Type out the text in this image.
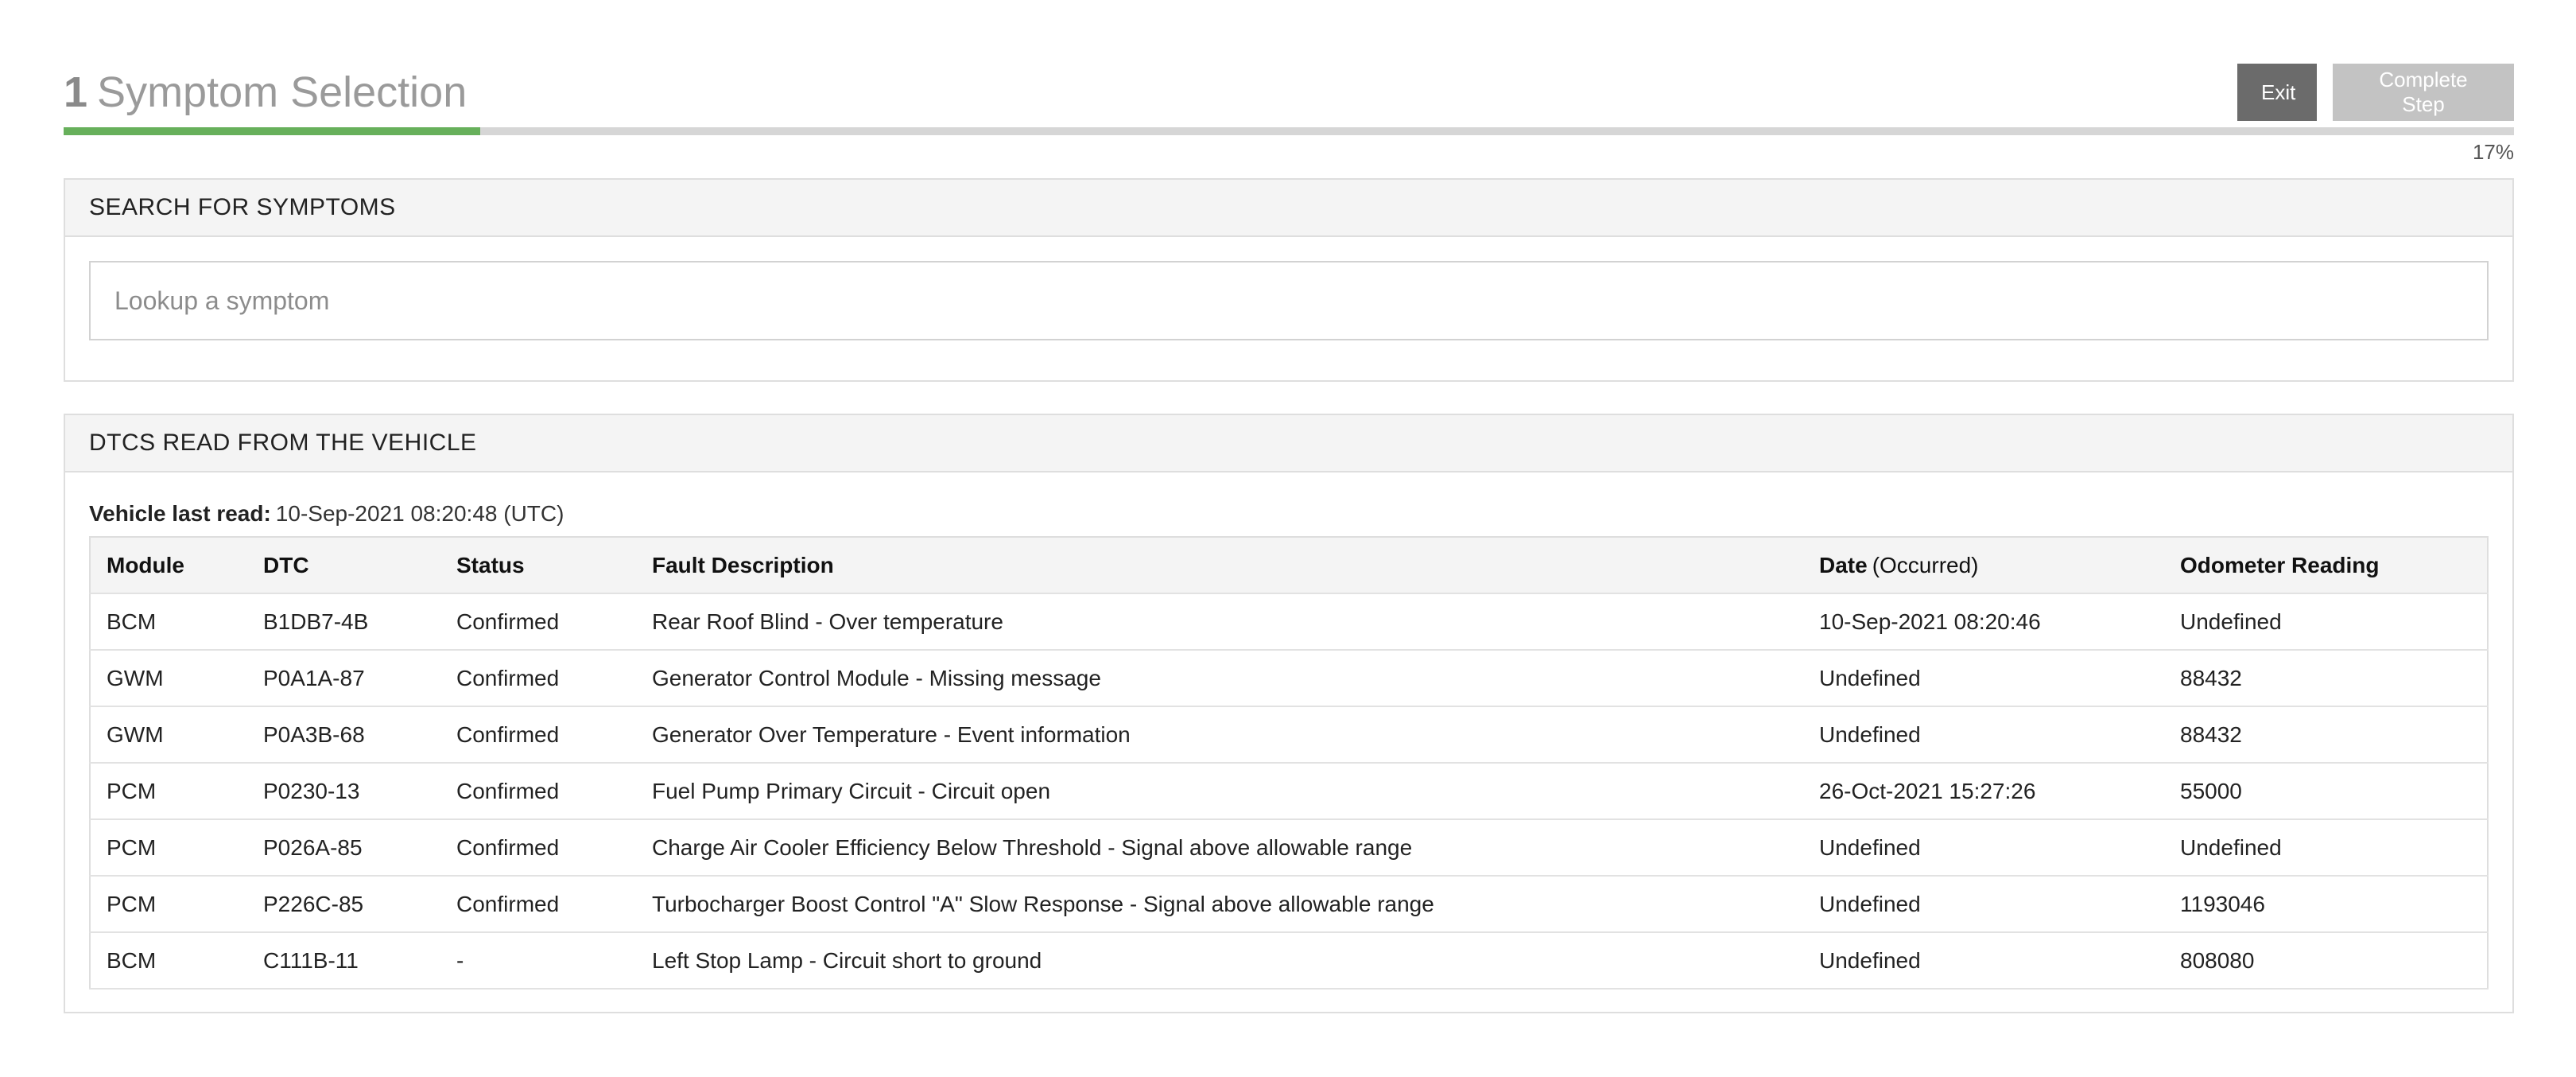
1 Symptom Selection	Exit
Complete Step
17%
SEARCH FOR SYMPTOMS
Lookup a symptom
DTCS READ FROM THE VEHICLE
Vehicle last read: 10-Sep-2021 08:20:48 (UTC)
Module	DTC	Status	Fault Description	Date (Occurred)	Odometer Reading
BCM	B1DB7-4B	Confirmed	Rear Roof Blind - Over temperature	10-Sep-2021 08:20:46	Undefined
GWM	P0A1A-87	Confirmed	Generator Control Module - Missing message	Undefined	88432
GWM	P0A3B-68	Confirmed	Generator Over Temperature - Event information	Undefined	88432
PCM	P0230-13	Confirmed	Fuel Pump Primary Circuit - Circuit open	26-Oct-2021 15:27:26	55000
PCM	P026A-85	Confirmed	Charge Air Cooler Efficiency Below Threshold - Signal above allowable range	Undefined	Undefined
PCM	P226C-85	Confirmed	Turbocharger Boost Control "A" Slow Response - Signal above allowable range	Undefined	1193046
BCM	C111B-11	-	Left Stop Lamp - Circuit short to ground	Undefined	808080
